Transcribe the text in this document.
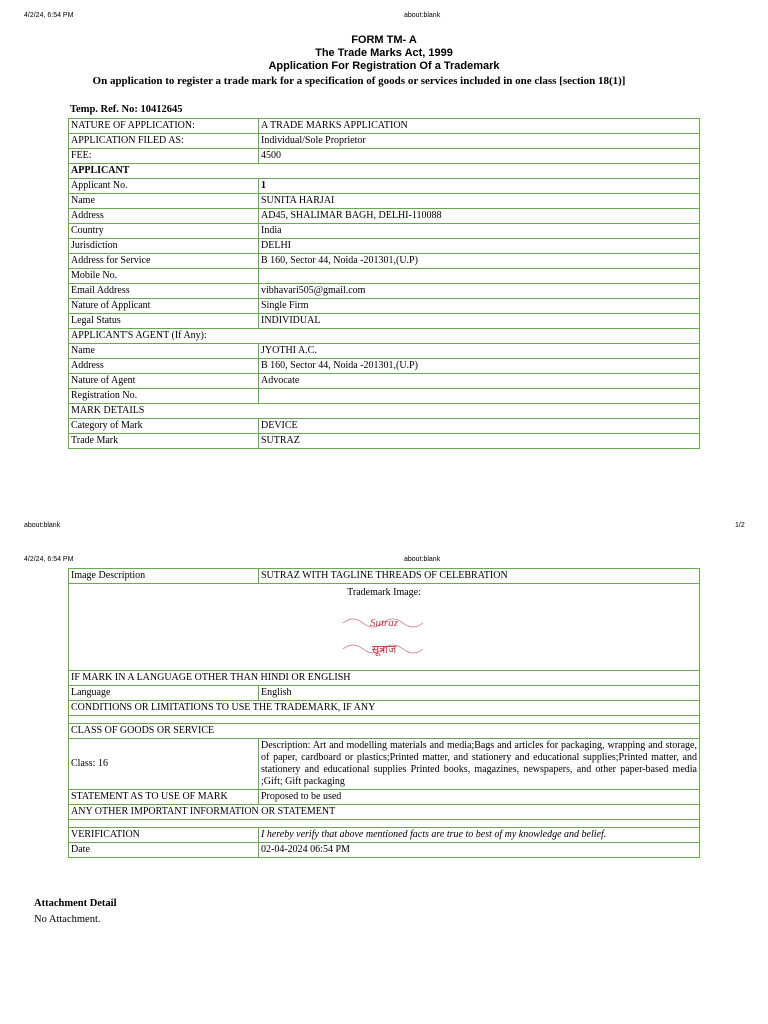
4/2/24, 6:54 PM	about:blank
FORM TM- A
The Trade Marks Act, 1999
Application For Registration Of a Trademark
On application to register a trade mark for a specification of goods or services included in one class [section 18(1)]
Temp. Ref. No: 10412645
NATURE OF APPLICATION:	A TRADE MARKS APPLICATION
APPLICATION FILED AS:	Individual/Sole Proprietor
FEE:	4500
APPLICANT	
Applicant No.	1
Name	SUNITA HARJAI
Address	AD45, SHALIMAR BAGH, DELHI-110088
Country	India
Jurisdiction	DELHI
Address for Service	B 160, Sector 44, Noida -201301,(U.P)
Mobile No.	
Email Address	vibhavari505@gmail.com
Nature of Applicant	Single Firm
Legal Status	INDIVIDUAL
APPLICANT'S AGENT (If Any):	
Name	JYOTHI A.C.
Address	B 160, Sector 44, Noida -201301,(U.P)
Nature of Agent	Advocate
Registration No.	
MARK DETAILS	
Category of Mark	DEVICE
Trade Mark	SUTRAZ
about:blank	1/2
4/2/24, 6:54 PM	about:blank
Image Description	SUTRAZ WITH TAGLINE THREADS OF CELEBRATION

Trademark Image:
Sutraz
सूत्राज	

IF MARK IN A LANGUAGE OTHER THAN HINDI OR ENGLISH	
Language	English
CONDITIONS OR LIMITATIONS TO USE THE TRADEMARK, IF ANY	

CLASS OF GOODS OR SERVICE	
Class: 16	Description: Art and modelling materials and media;Bags and articles for packaging, wrapping and storage, of paper, cardboard or plastics;Printed matter, and stationery and educational supplies;Printed matter, and stationery and educational supplies Printed books, magazines, newspapers, and other paper-based media ;Gift; Gift packaging
STATEMENT AS TO USE OF MARK	Proposed to be used
ANY OTHER IMPORTANT INFORMATION OR STATEMENT	

VERIFICATION	I hereby verify that above mentioned facts are true to best of my knowledge and belief.
Date	02-04-2024 06:54 PM
Attachment Detail
No Attachment.
